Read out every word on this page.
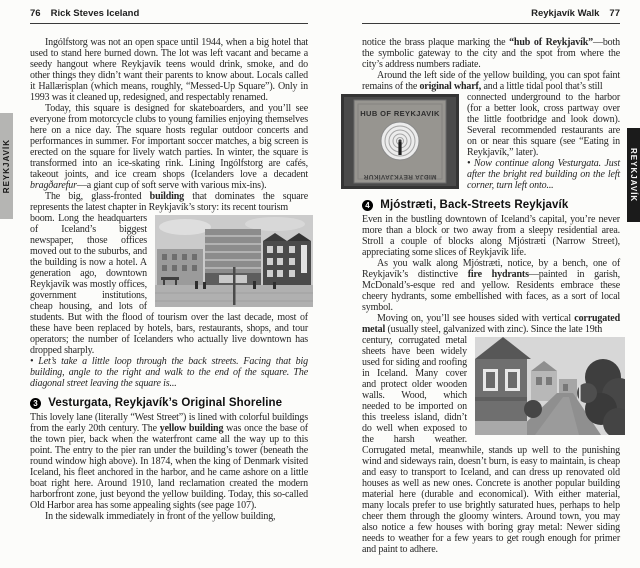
REYKJAVÍK	REYKJAVÍK
76 Rick Steves Iceland

Ingólfstorg was not an open space until 1944, when a big hotel that used to stand here burned down. The lot was left vacant and became a seedy hangout where Reykjavík teens would drink, smoke, and do other things they didn’t want their parents to know about. Locals called it Hallærisplan (which means, roughly, “Messed-Up Square”). Only in 1993 was it cleaned up, redesigned, and respectably renamed.

Today, this square is designed for skateboarders, and you’ll see everyone from motorcycle clubs to young families enjoying themselves here on a nice day. The square hosts regular outdoor concerts and performances in summer. For important soccer matches, a big screen is erected on the square for lively watch parties. In winter, the square is transformed into an ice-skating rink. Lining Ingólfstorg are cafés, takeout joints, and ice cream shops (Icelanders love a decadent bragðarefur—a giant cup of soft serve with various mix-ins).

The big, glass-fronted building that dominates the square represents the latest chapter in Reykjavík’s story: its recent tourism

boom. Long the headquarters of Iceland’s biggest newspaper, those offices moved out to the suburbs, and the building is now a hotel. A generation ago, downtown Reykjavík was mostly offices, government institutions, cheap housing, and lots of students. But with the flood of tourism over the last decade, most of these have been replaced by hotels, bars, restaurants, shops, and tour operators; the number of Icelanders who actually live downtown has dropped sharply.

• Let’s take a little loop through the back streets. Facing that big building, angle to the right and walk to the end of the square. The diagonal street leaving the square is...

3 Vesturgata, Reykjavík’s Original Shoreline

This lovely lane (literally “West Street”) is lined with colorful buildings from the early 20th century. The yellow building was once the base of the town pier, back when the waterfront came all the way up to this point. The entry to the pier ran under the building’s tower (beneath the round window high above). In 1874, when the king of Denmark visited Iceland, his fleet anchored in the harbor, and he came ashore on a little boat right here. Around 1910, land reclamation created the modern harborfront zone, just beyond the yellow building. Today, this so-called Old Harbor area has some appealing sights (see page 107).

In the sidewalk immediately in front of the yellow building,

Reykjavík Walk 77

notice the brass plaque marking the “hub of Reykjavík”—both the symbolic gateway to the city and the spot from where the city’s address numbers radiate.

Around the left side of the yellow building, you can spot faint remains of the original wharf, and a little tidal pool that’s still

HUB OF REYKJAVIK
MIÐJA REYKJAVÍKUR

connected underground to the harbor (for a better look, cross partway over the little footbridge and look down). Several recommended restaurants are on or near this square (see “Eating in Reykjavík,” later).

• Now continue along Vesturgata. Just after the bright red building on the left corner, turn left onto...

4 Mjóstræti, Back-Streets Reykjavík

Even in the bustling downtown of Iceland’s capital, you’re never more than a block or two away from a sleepy residential area. Stroll a couple of blocks along Mjóstræti (Narrow Street), appreciating some slices of Reykjavík life.

As you walk along Mjóstræti, notice, by a bench, one of Reykjavík’s distinctive fire hydrants—painted in garish, McDonald’s-esque red and yellow. Residents embrace these cheery hydrants, some embellished with faces, as a sort of local symbol.

Moving on, you’ll see houses sided with vertical corrugated metal (usually steel, galvanized with zinc). Since the late 19th

century, corrugated metal sheets have been widely used for siding and roofing in Iceland. Many cover and protect older wooden walls. Wood, which needed to be imported on this treeless island, didn’t do well when exposed to the harsh weather. Corrugated metal, meanwhile, stands up well to the punishing wind and sideways rain, doesn’t burn, is easy to maintain, is cheap and easy to transport to Iceland, and can dress up renovated old houses as well as new ones. Concrete is another popular building material here (durable and economical). With either material, many locals prefer to use brightly saturated hues, perhaps to help cheer them through the gloomy winters. Around town, you may also notice a few houses with boring gray metal: Newer siding needs to weather for a few years to get rough enough for primer and paint to adhere.
